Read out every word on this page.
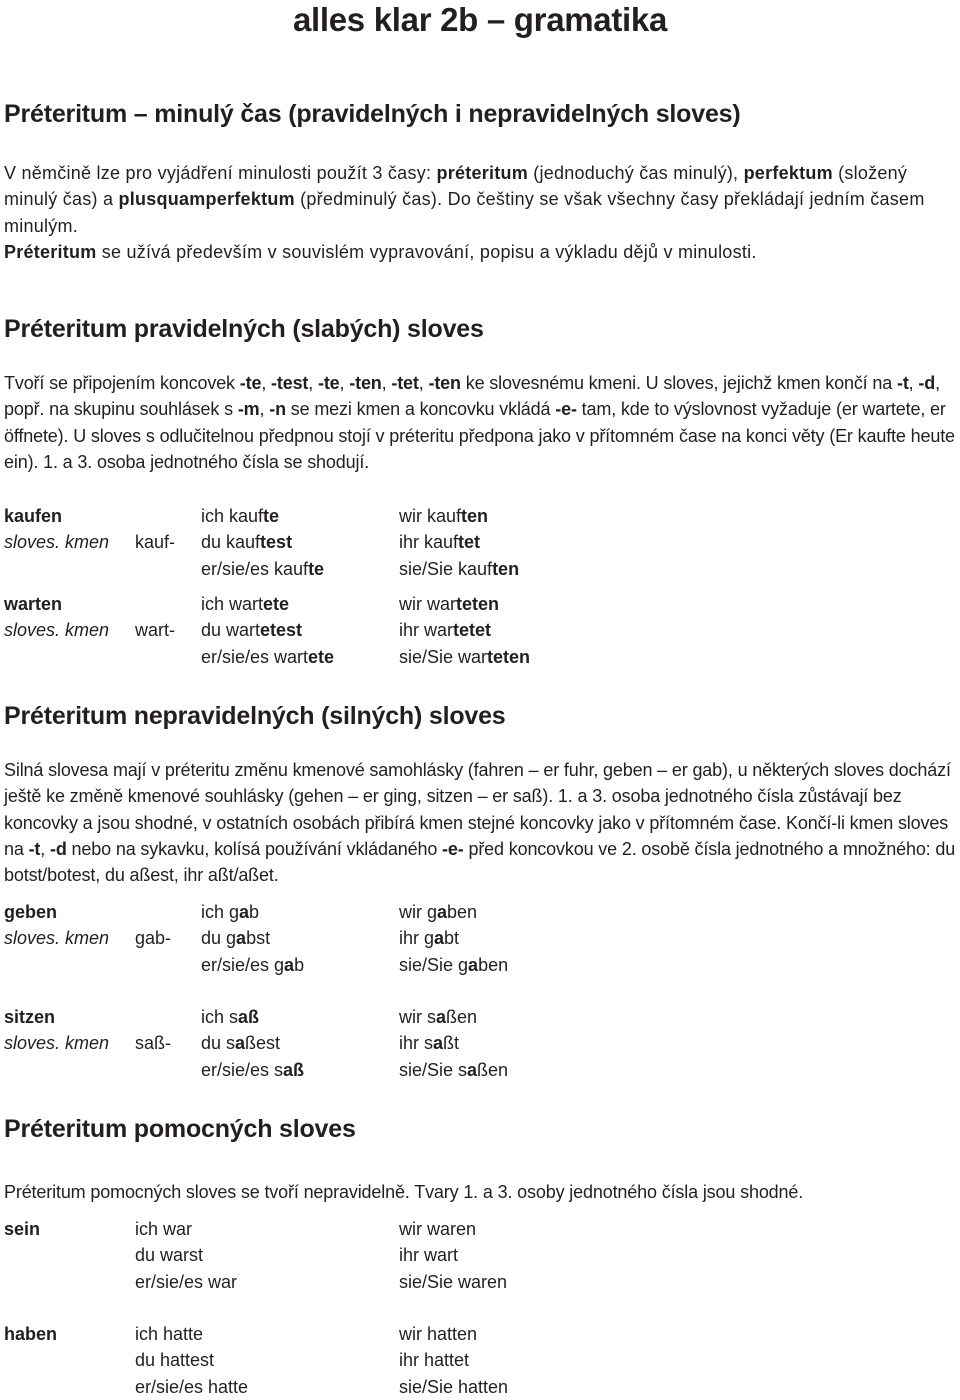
alles klar 2b – gramatika
Préteritum – minulý čas (pravidelných i nepravidelných sloves)

V němčině lze pro vyjádření minulosti použít 3 časy: préteritum (jednoduchý čas minulý), perfektum (složený minulý čas) a plusquamperfektum (předminulý čas). Do češtiny se však všechny časy překládají jedním časem minulým.

Préteritum se užívá především v souvislém vypravování, popisu a výkladu dějů v minulosti.

Préteritum pravidelných (slabých) sloves
Tvoří se připojením koncovek -te, -test, -te, -ten, -tet, -ten ke slovesnému kmeni. U sloves, jejichž kmen končí na -t, -d, popř. na skupinu souhlásek s -m, -n se mezi kmen a koncovku vkládá -e- tam, kde to výslovnost vyžaduje (er wartete, er öffnete). U sloves s odlučitelnou předpnou stojí v préteritu předpona jako v přítomném čase na konci věty (Er kaufte heute ein). 1. a 3. osoba jednotného čísla se shodují.
kaufen
sloves. kmen kauf-
ich kaufte
du kauftest
er/sie/es kaufte
wir kauften
ihr kauftet
sie/Sie kauften
warten
sloves. kmen wart-
ich wartete
du wartetest
er/sie/es wartete
wir warteten
ihr wartetet
sie/Sie warteten
Préteritum nepravidelných (silných) sloves
Silná slovesa mají v préteritu změnu kmenové samohlásky (fahren – er fuhr, geben – er gab), u některých sloves dochází ještě ke změně kmenové souhlásky (gehen – er ging, sitzen – er saß). 1. a 3. osoba jednotného čísla zůstávají bez koncovky a jsou shodné, v ostatních osobách přibírá kmen stejné koncovky jako v přítomném čase. Končí-li kmen sloves na -t, -d nebo na sykavku, kolísá používání vkládaného -e- před koncovkou ve 2. osobě čísla jednotného a množného: du botst/botest, du aßest, ihr aßt/aßet.
geben
sloves. kmen gab-
ich gab
du gabst
er/sie/es gab
wir gaben
ihr gabt
sie/Sie gaben
sitzen
sloves. kmen saß-
ich saß
du saßest
er/sie/es saß
wir saßen
ihr saßt
sie/Sie saßen
Préteritum pomocných sloves
Préteritum pomocných sloves se tvoří nepravidelně. Tvary 1. a 3. osoby jednotného čísla jsou shodné.
sein	ich war
du warst
er/sie/es war
wir waren
ihr wart
sie/Sie waren
haben	ich hatte
du hattest
er/sie/es hatte
wir hatten
ihr hattet
sie/Sie hatten
